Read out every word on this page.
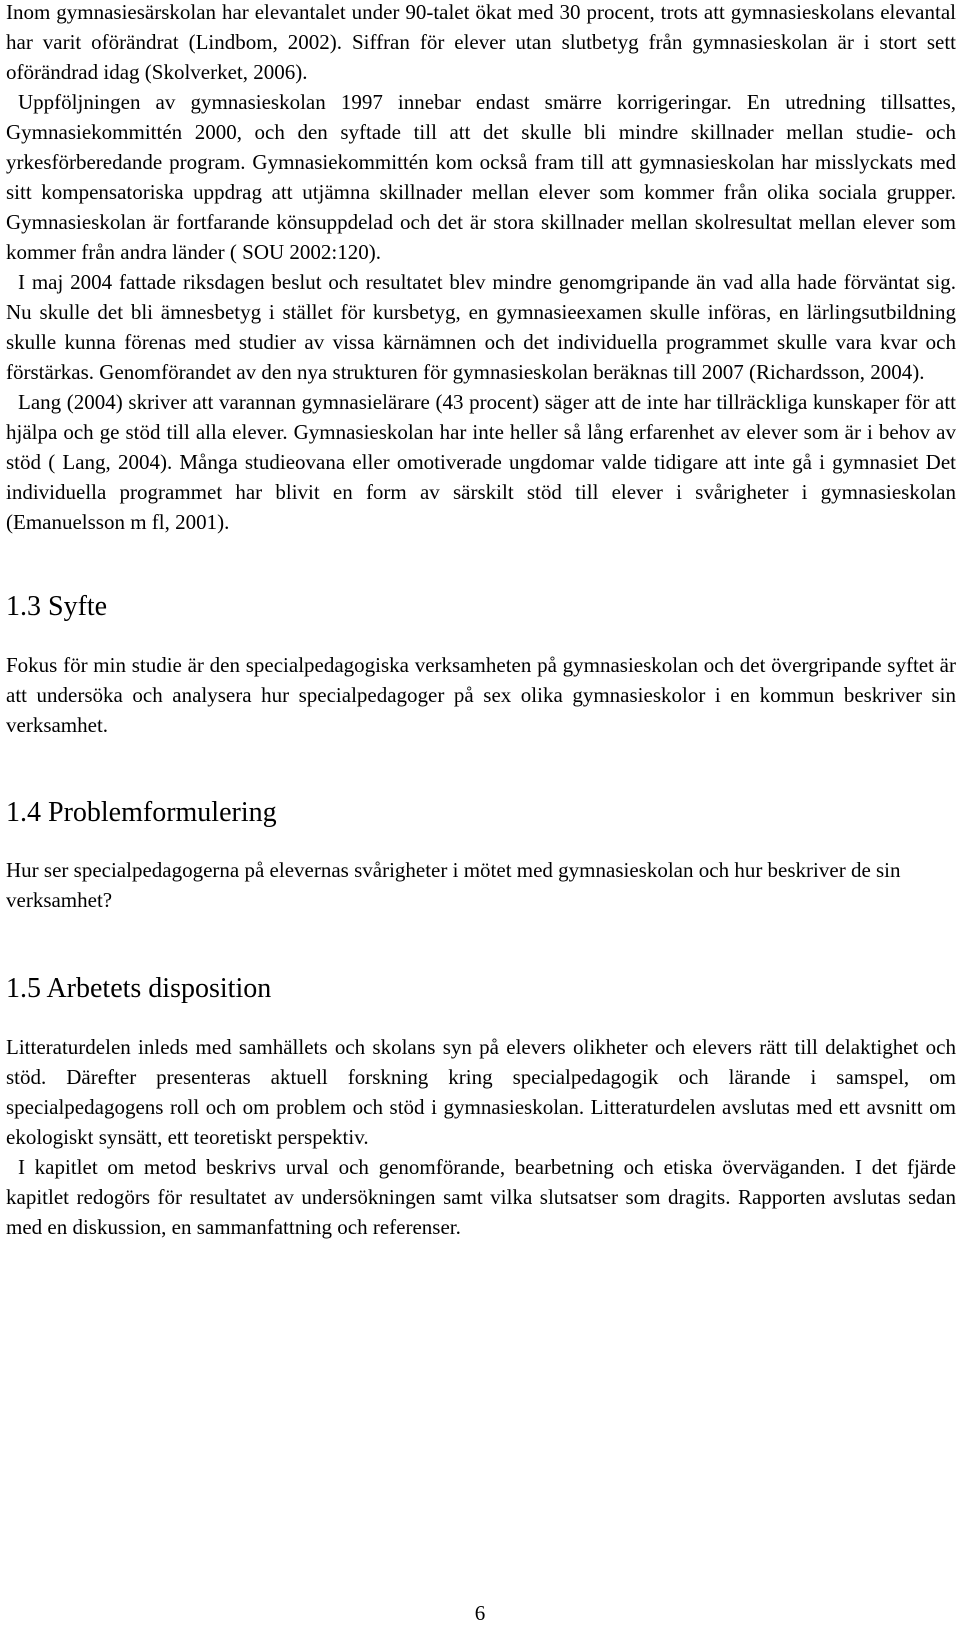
Inom gymnasiesärskolan har elevantalet under 90-talet ökat med 30 procent, trots att gymnasieskolans elevantal har varit oförändrat (Lindbom, 2002). Siffran för elever utan slutbetyg från gymnasieskolan är i stort sett oförändrad idag (Skolverket, 2006).

Uppföljningen av gymnasieskolan 1997 innebar endast smärre korrigeringar. En utredning tillsattes, Gymnasiekommittén 2000, och den syftade till att det skulle bli mindre skillnader mellan studie- och yrkesförberedande program. Gymnasiekommittén kom också fram till att gymnasieskolan har misslyckats med sitt kompensatoriska uppdrag att utjämna skillnader mellan elever som kommer från olika sociala grupper. Gymnasieskolan är fortfarande könsuppdelad och det är stora skillnader mellan skolresultat mellan elever som kommer från andra länder ( SOU 2002:120).

I maj 2004 fattade riksdagen beslut och resultatet blev mindre genomgripande än vad alla hade förväntat sig. Nu skulle det bli ämnesbetyg i stället för kursbetyg, en gymnasieexamen skulle införas, en lärlingsutbildning skulle kunna förenas med studier av vissa kärnämnen och det individuella programmet skulle vara kvar och förstärkas. Genomförandet av den nya strukturen för gymnasieskolan beräknas till 2007 (Richardsson, 2004).

Lang (2004) skriver att varannan gymnasielärare (43 procent) säger att de inte har tillräckliga kunskaper för att hjälpa och ge stöd till alla elever. Gymnasieskolan har inte heller så lång erfarenhet av elever som är i behov av stöd ( Lang, 2004). Många studieovana eller omotiverade ungdomar valde tidigare att inte gå i gymnasiet Det individuella programmet har blivit en form av särskilt stöd till elever i svårigheter i gymnasieskolan (Emanuelsson m fl, 2001).

1.3 Syfte

Fokus för min studie är den specialpedagogiska verksamheten på gymnasieskolan och det övergripande syftet är att undersöka och analysera hur specialpedagoger på sex olika gymnasieskolor i en kommun beskriver sin verksamhet.

1.4 Problemformulering

Hur ser specialpedagogerna på elevernas svårigheter i mötet med gymnasieskolan och hur beskriver de sin verksamhet?

1.5 Arbetets disposition

Litteraturdelen inleds med samhällets och skolans syn på elevers olikheter och elevers rätt till delaktighet och stöd. Därefter presenteras aktuell forskning kring specialpedagogik och lärande i samspel, om specialpedagogens roll och om problem och stöd i gymnasieskolan. Litteraturdelen avslutas med ett avsnitt om ekologiskt synsätt, ett teoretiskt perspektiv.

I kapitlet om metod beskrivs urval och genomförande, bearbetning och etiska överväganden. I det fjärde kapitlet redogörs för resultatet av undersökningen samt vilka slutsatser som dragits. Rapporten avslutas sedan med en diskussion, en sammanfattning och referenser.

6
